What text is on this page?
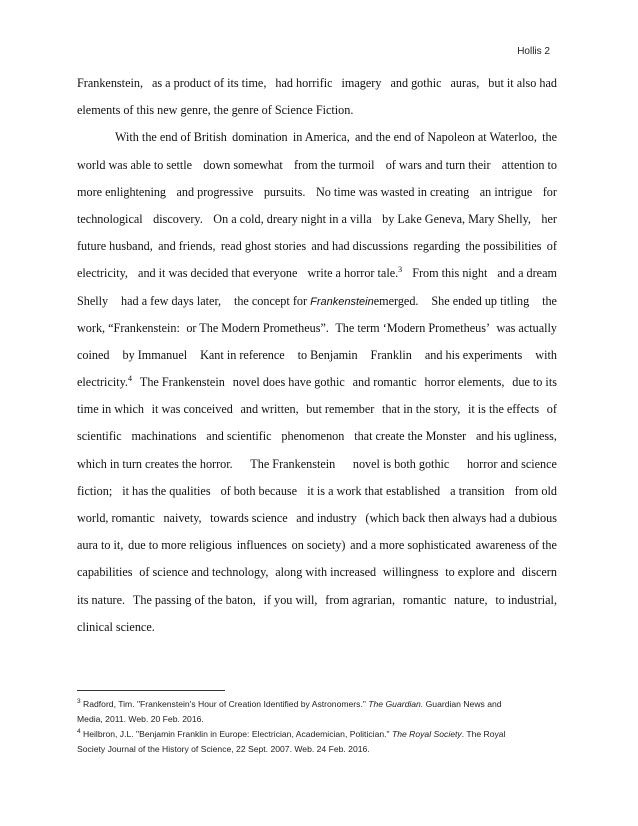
Hollis 2
Frankenstein, as a product of its time, had horrific imagery and gothic auras, but it also had
elements of this new genre, the genre of Science Fiction.
With the end of British domination in America, and the end of Napoleon at Waterloo, the
world was able to settle down somewhat from the turmoil of wars and turn their attention to
more enlightening and progressive pursuits. No time was wasted in creating an intrigue for
technological discovery. On a cold, dreary night in a villa by Lake Geneva, Mary Shelly, her
future husband, and friends, read ghost stories and had discussions regarding the possibilities of
electricity, and it was decided that everyone write a horror tale.$^3$ From this night and a dream
Shelly had a few days later, the concept for Frankensteinemerged. She ended up titling the
work, “Frankenstein: or The Modern Prometheus”. The term ‘Modern Prometheus’ was actually
coined by Immanuel Kant in reference to Benjamin Franklin and his experiments with
electricity.$^4$ The Frankenstein novel does have gothic and romantic horror elements, due to its
time in which it was conceived and written, but remember that in the story, it is the effects of
scientific machinations and scientific phenomenon that create the Monster and his ugliness,
which in turn creates the horror. The Frankenstein novel is both gothic horror and science
fiction; it has the qualities of both because it is a work that established a transition from old
world, romantic naivety, towards science and industry (which back then always had a dubious
aura to it, due to more religious influences on society) and a more sophisticated awareness of the
capabilities of science and technology, along with increased willingness to explore and discern
its nature. The passing of the baton, if you will, from agrarian, romantic nature, to industrial,
clinical science.
$^3$ Radford, Tim. "Frankenstein's Hour of Creation Identified by Astronomers." The Guardian. Guardian News and
Media, 2011. Web. 20 Feb. 2016.
$^4$ Heilbron, J.L. "Benjamin Franklin in Europe: Electrician, Academician, Politician." The Royal Society. The Royal
Society Journal of the History of Science, 22 Sept. 2007. Web. 24 Feb. 2016.
